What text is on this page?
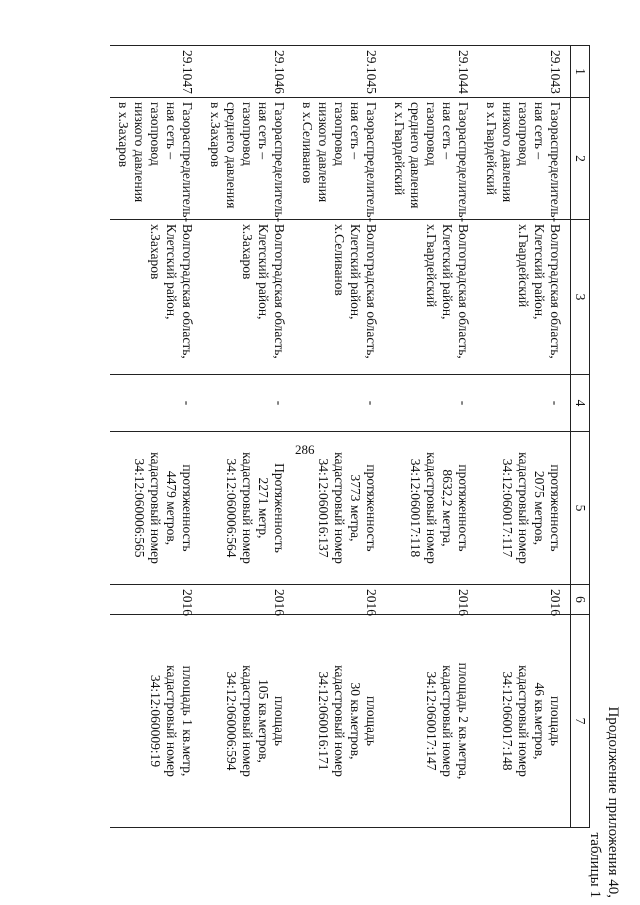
286
Продолжение приложения 40,
таблицы 1
1	2	3	4	5	6	7
29.1043	Газораспределитель-
ная сеть – газопровод
низкого давления
в х.Гвардейский	Волгоградская область,
Клетский район,
х.Гвардейский	-	протяженность
2075 метров,
кадастровый номер
34:12:060017:117	2016	площадь
46 кв.метров,
кадастровый номер
34:12:060017:148
29.1044	Газораспределитель-
ная сеть – газопровод
среднего давления
к х.Гвардейский	Волгоградская область,
Клетский район,
х.Гвардейский	-	протяженность
8632,2 метра,
кадастровый номер
34:12:060017:118	2016	площадь 2 кв.метра,
кадастровый номер
34:12:060017:147
29.1045	Газораспределитель-
ная сеть – газопровод
низкого давления
в х.Селиванов	Волгоградская область,
Клетский район,
х.Селиванов	-	протяженность
3773 метра,
кадастровый номер
34:12:060016:137	2016	площадь
30 кв.метров,
кадастровый номер
34:12:060016:171
29.1046	Газораспределитель-
ная сеть – газопровод
среднего давления
в х.Захаров	Волгоградская область,
Клетский район, х.Захаров	-	Протяженность
2271 метр,
кадастровый номер
34:12:060006:564	2016	площадь
105 кв.метров,
кадастровый номер
34:12:060006:594
29.1047	Газораспределитель-
ная сеть – газопровод
низкого давления
в х.Захаров	Волгоградская область,
Клетский район, х.Захаров	-	протяженность
4479 метров,
кадастровый номер
34:12:060006:565	2016	площадь 1 кв.метр,
кадастровый номер
34:12:060009:19
